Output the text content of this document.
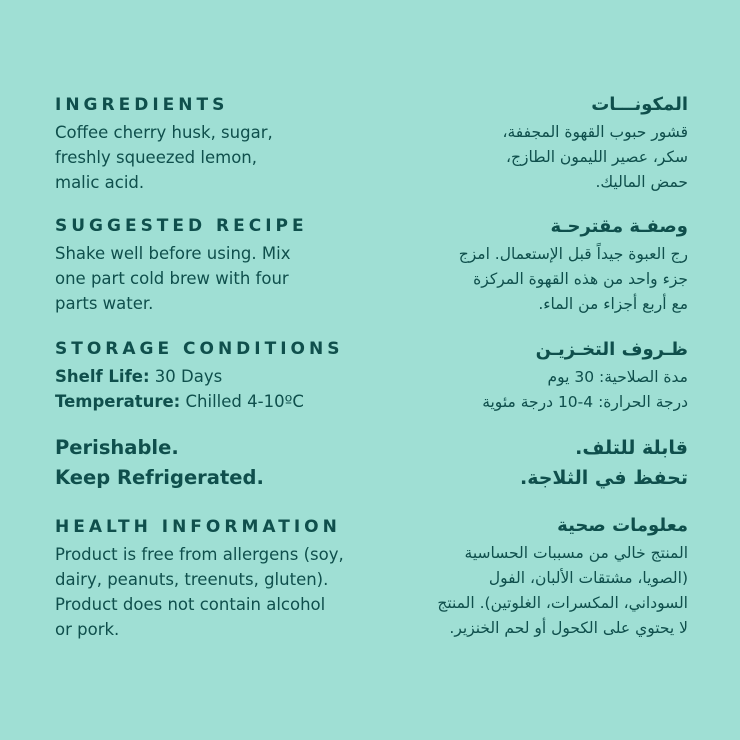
INGREDIENTS

Coffee cherry husk, sugar,
freshly squeezed lemon,
malic acid.

SUGGESTED RECIPE

Shake well before using. Mix
one part cold brew with four
parts water.

STORAGE CONDITIONS

Shelf Life: 30 Days
Temperature: Chilled 4-10ºC

Perishable.
Keep Refrigerated.

HEALTH INFORMATION

Product is free from allergens (soy,
dairy, peanuts, treenuts, gluten).
Product does not contain alcohol
or pork.

المكونـــات

قشور حبوب القهوة المجففة،
سكر، عصير الليمون الطازج،
حمض الماليك.

وصفـة مقترحـة

رج العبوة جيداً قبل الإستعمال. امزج
جزء واحد من هذه القهوة المركزة
مع أربع أجزاء من الماء.

ظـروف التخـزيـن

مدة الصلاحية: 30 يوم
درجة الحرارة: 4-10 درجة مئوية

قابلة للتلف.
تحفظ في الثلاجة.

معلومات صحية

المنتج خالي من مسببات الحساسية
(الصويا، مشتقات الألبان، الفول
السوداني، المكسرات، الغلوتين). المنتج
لا يحتوي على الكحول أو لحم الخنزير.
